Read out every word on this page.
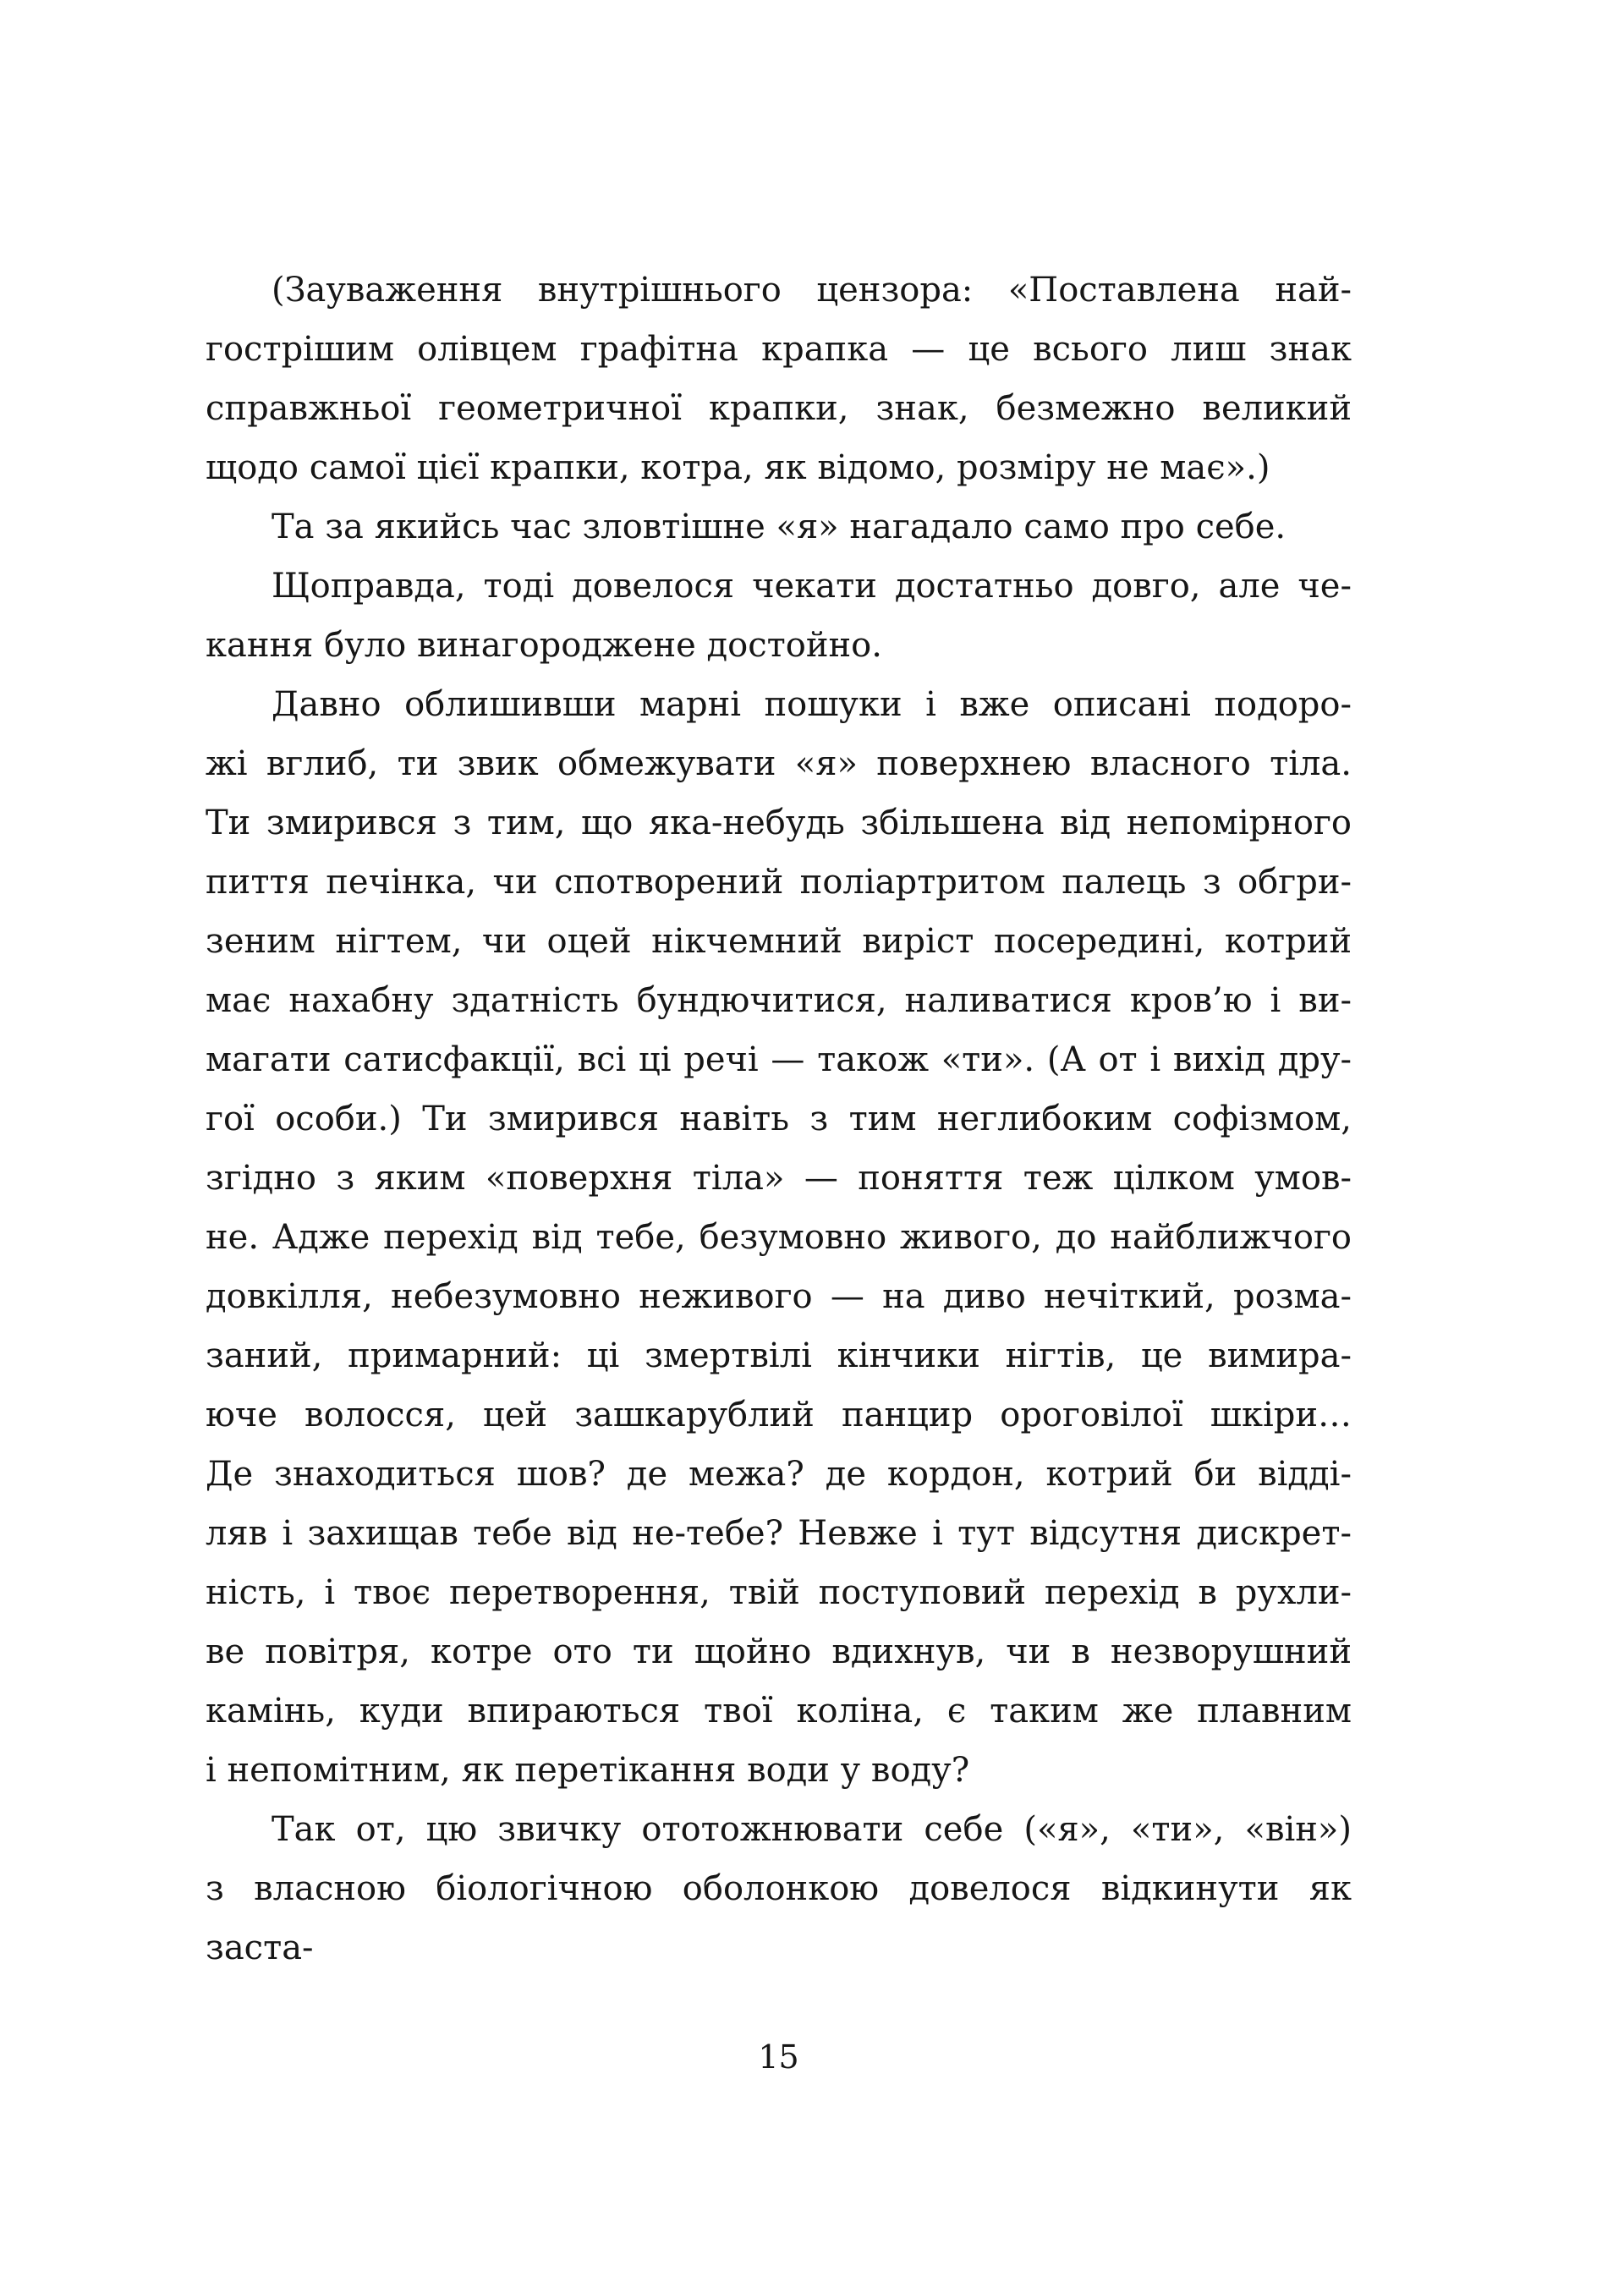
(Зауваження внутрішнього цензора: «Поставлена най-
гострішим олівцем графітна крапка — це всього лиш знак
справжньої геометричної крапки, знак, безмежно великий
щодо самої цієї крапки, котра, як відомо, розміру не має».)
Та за якийсь час зловтішне «я» нагадало само про себе.
Щоправда, тоді довелося чекати достатньо довго, але че-
кання було винагороджене достойно.
Давно облишивши марні пошуки і вже описані подоро-
жі вглиб, ти звик обмежувати «я» поверхнею власного тіла.
Ти змирився з тим, що яка-небудь збільшена від непомірного
пиття печінка, чи спотворений поліартритом палець з обгри-
зеним нігтем, чи оцей нікчемний виріст посередині, котрий
має нахабну здатність бундючитися, наливатися кров’ю і ви-
магати сатисфакції, всі ці речі — також «ти». (А от і вихід дру-
гої особи.) Ти змирився навіть з тим неглибоким софізмом,
згідно з яким «поверхня тіла» — поняття теж цілком умов-
не. Адже перехід від тебе, безумовно живого, до найближчого
довкілля, небезумовно неживого — на диво нечіткий, розма-
заний, примарний: ці змертвілі кінчики нігтів, це вимира-
юче волосся, цей зашкарублий панцир ороговілої шкіри…
Де знаходиться шов? де межа? де кордон, котрий би відді-
ляв і захищав тебе від не-тебе? Невже і тут відсутня дискрет-
ність, і твоє перетворення, твій поступовий перехід в рухли-
ве повітря, котре ото ти щойно вдихнув, чи в незворушний
камінь, куди впираються твої коліна, є таким же плавним
і непомітним, як перетікання води у воду?
Так от, цю звичку ототожнювати себе («я», «ти», «він»)
з власною біологічною оболонкою довелося відкинути як заста-
15
